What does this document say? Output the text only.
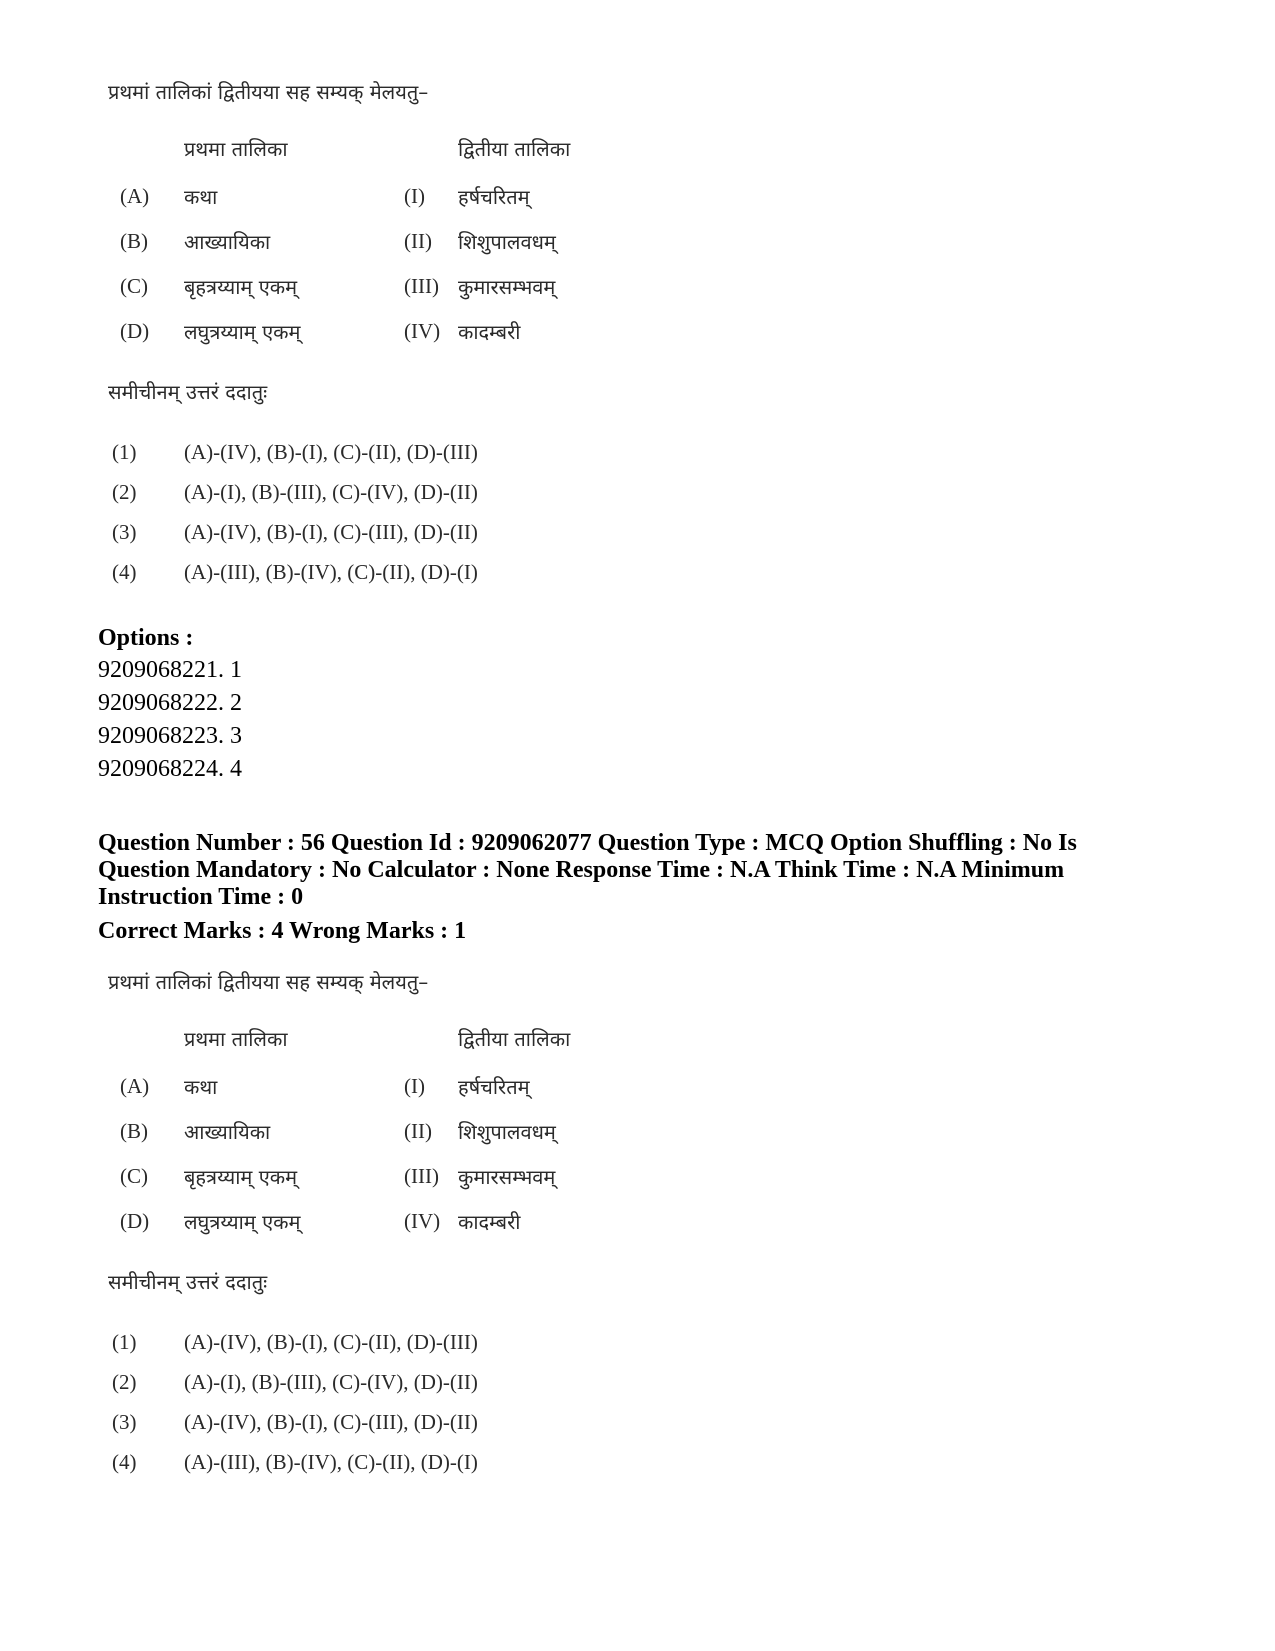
प्रथमां तालिकां द्वितीयया सह सम्यक् मेलयतु–
प्रथमा तालिका	द्वितीया तालिका
(A)	कथा	(I)	हर्षचरितम्
(B)	आख्यायिका	(II)	शिशुपालवधम्
(C)	बृहत्रय्याम् एकम्	(III) कुमारसम्भवम्
(D)	लघुत्रय्याम् एकम्	(IV) कादम्बरी
समीचीनम् उत्तरं ददातुः
(1)	(A)-(IV), (B)-(I), (C)-(II), (D)-(III)
(2)	(A)-(I), (B)-(III), (C)-(IV), (D)-(II)
(3)	(A)-(IV), (B)-(I), (C)-(III), (D)-(II)
(4)	(A)-(III), (B)-(IV), (C)-(II), (D)-(I)
Options :
9209068221. 1
9209068222. 2
9209068223. 3
9209068224. 4
Question Number : 56 Question Id : 9209062077 Question Type : MCQ Option Shuffling : No Is
Question Mandatory : No Calculator : None Response Time : N.A Think Time : N.A Minimum
Instruction Time : 0
Correct Marks : 4 Wrong Marks : 1
प्रथमां तालिकां द्वितीयया सह सम्यक् मेलयतु–
प्रथमा तालिका	द्वितीया तालिका
(A)	कथा	(I)	हर्षचरितम्
(B)	आख्यायिका	(II)	शिशुपालवधम्
(C)	बृहत्रय्याम् एकम्	(III) कुमारसम्भवम्
(D)	लघुत्रय्याम् एकम्	(IV) कादम्बरी
समीचीनम् उत्तरं ददातुः
(1)	(A)-(IV), (B)-(I), (C)-(II), (D)-(III)
(2)	(A)-(I), (B)-(III), (C)-(IV), (D)-(II)
(3)	(A)-(IV), (B)-(I), (C)-(III), (D)-(II)
(4)	(A)-(III), (B)-(IV), (C)-(II), (D)-(I)
